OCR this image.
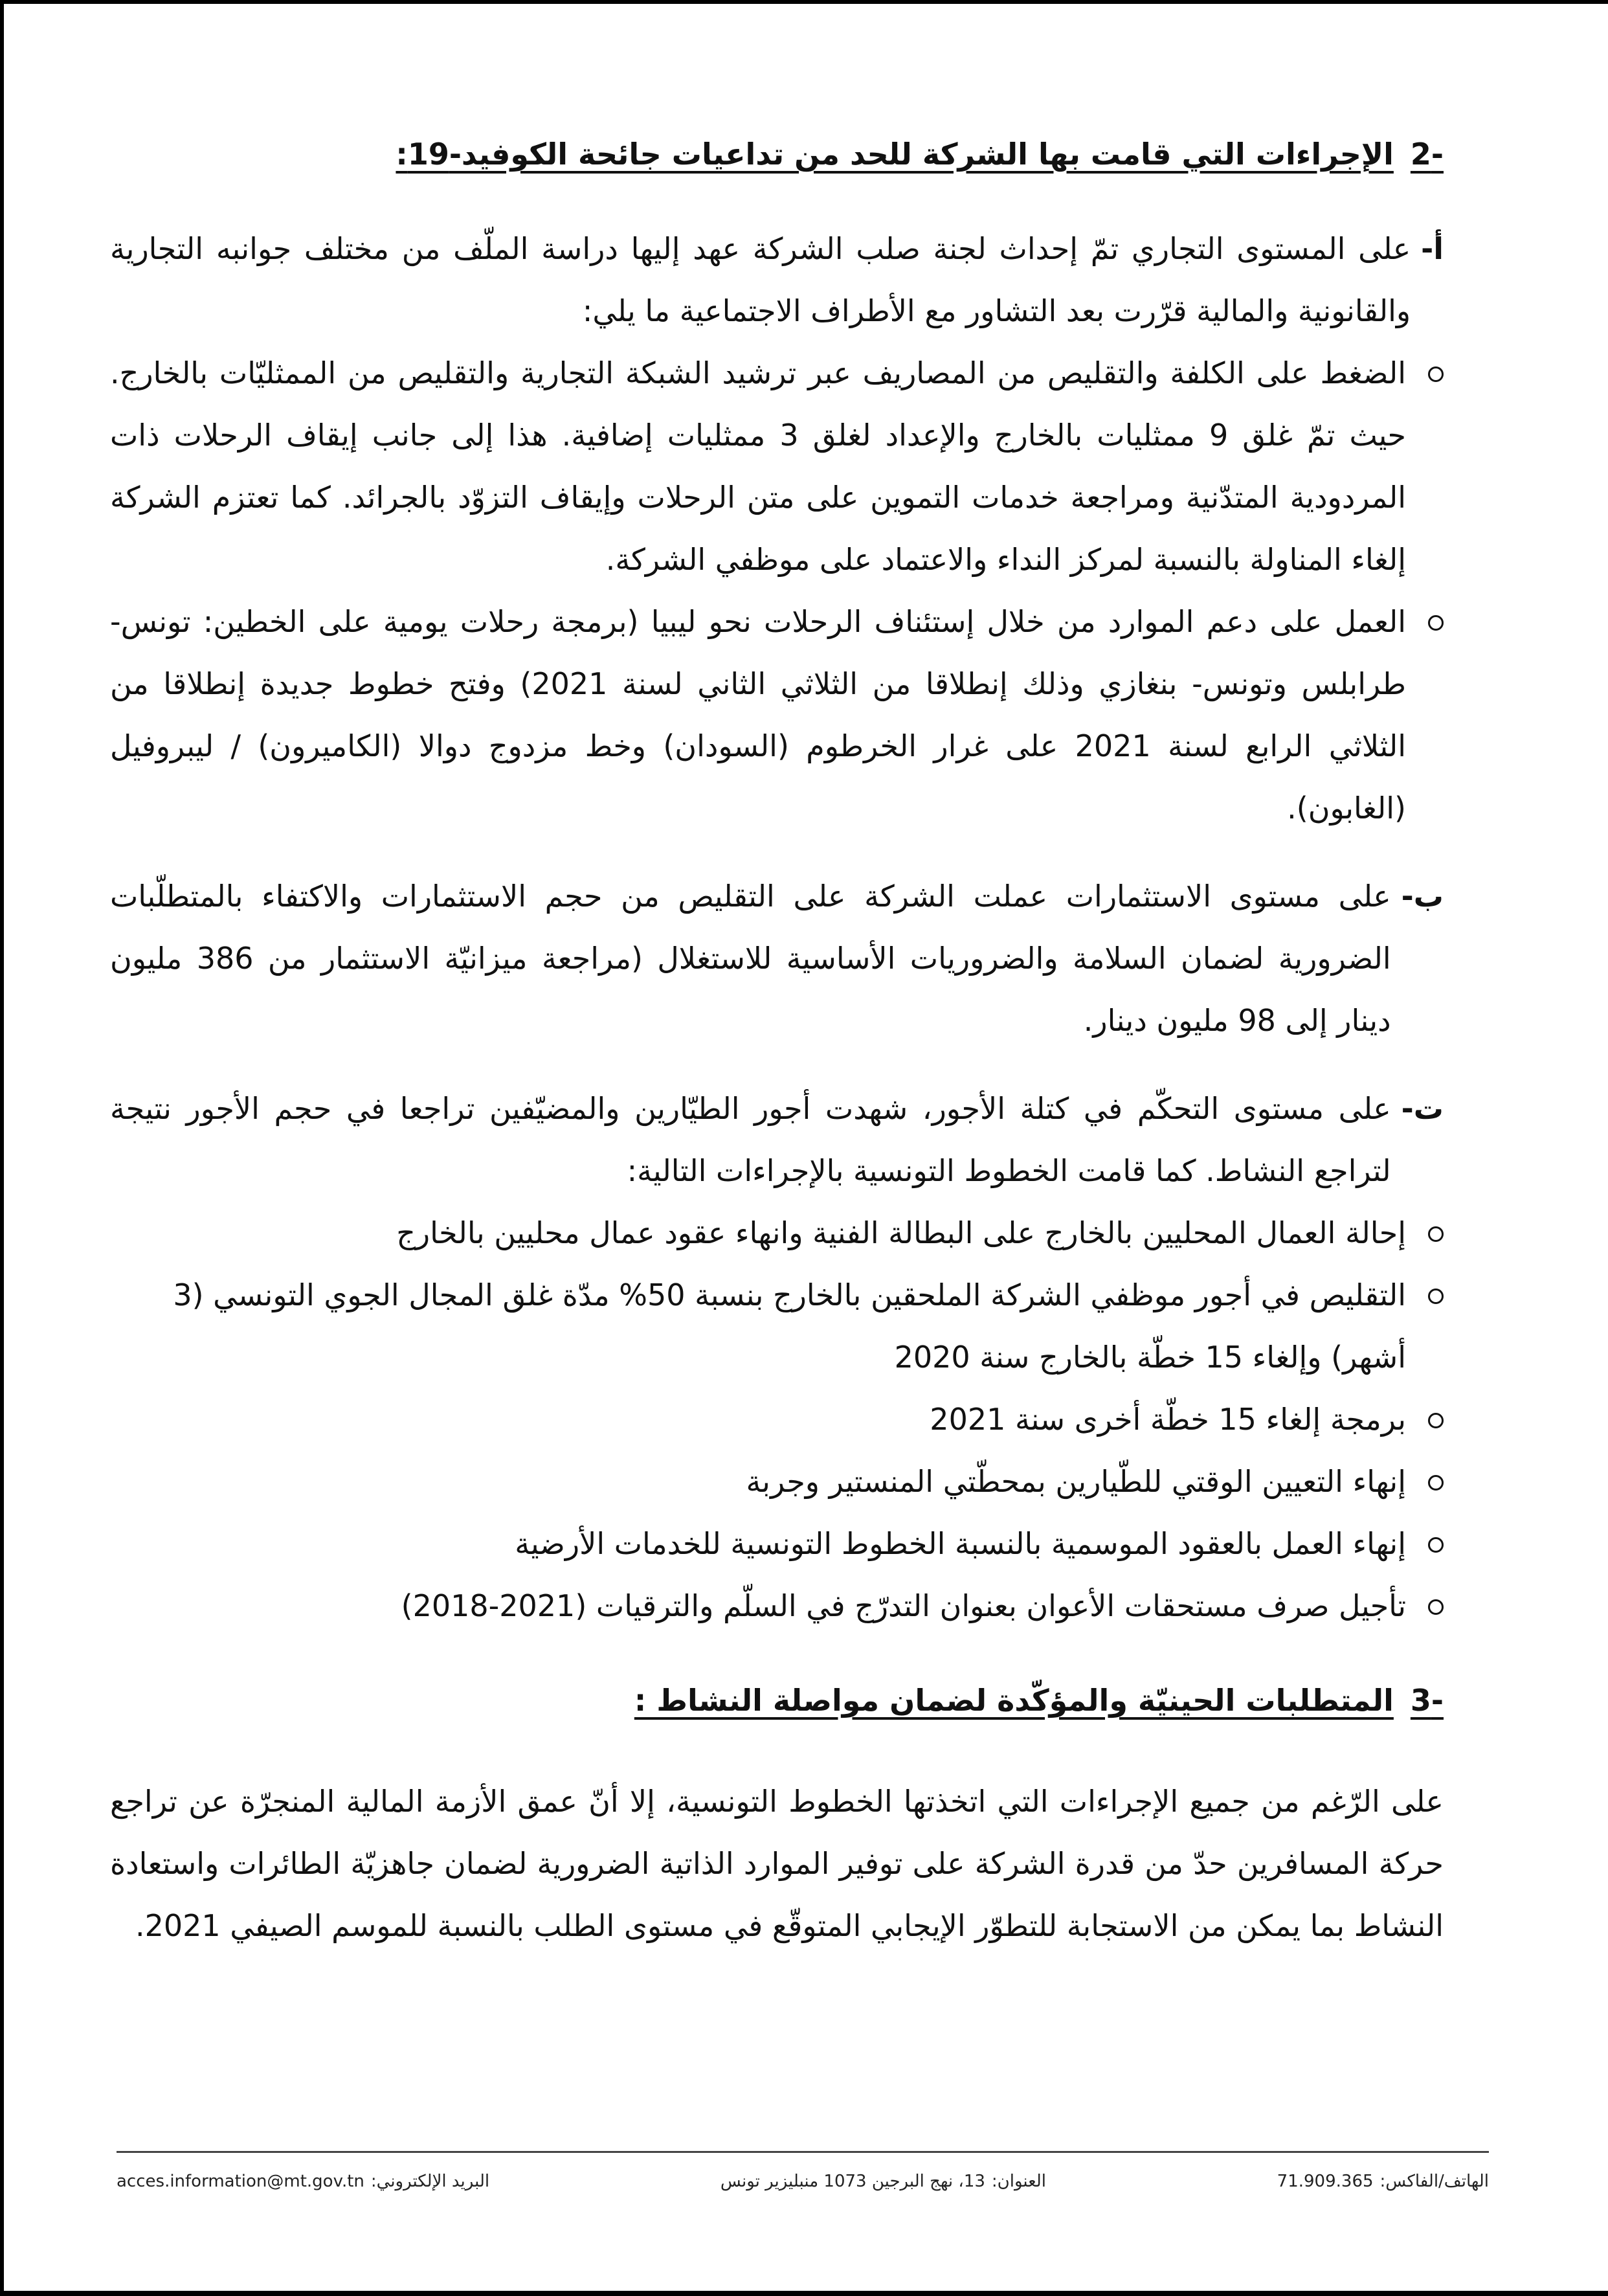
-2الإجراءات التي قامت بها الشركة للحد من تداعيات جائحة الكوفيد-19:
أ-
على المستوى التجاري تمّ إحداث لجنة صلب الشركة عهد إليها دراسة الملّف من مختلف جوانبه التجارية والقانونية والمالية قرّرت بعد التشاور مع الأطراف الاجتماعية ما يلي:
الضغط على الكلفة والتقليص من المصاريف عبر ترشيد الشبكة التجارية والتقليص من الممثليّات بالخارج. حيث تمّ غلق 9 ممثليات بالخارج والإعداد لغلق 3 ممثليات إضافية. هذا إلى جانب إيقاف الرحلات ذات المردودية المتدّنية ومراجعة خدمات التموين على متن الرحلات وإيقاف التزوّد بالجرائد. كما تعتزم الشركة إلغاء المناولة بالنسبة لمركز النداء والاعتماد على موظفي الشركة.
العمل على دعم الموارد من خلال إستئناف الرحلات نحو ليبيا (برمجة رحلات يومية على الخطين: تونس-طرابلس وتونس- بنغازي وذلك إنطلاقا من الثلاثي الثاني لسنة 2021) وفتح خطوط جديدة إنطلاقا من الثلاثي الرابع لسنة 2021 على غرار الخرطوم (السودان) وخط مزدوج دوالا (الكاميرون) / ليبروفيل (الغابون).
ب-
على مستوى الاستثمارات عملت الشركة على التقليص من حجم الاستثمارات والاكتفاء بالمتطلّبات الضرورية لضمان السلامة والضروريات الأساسية للاستغلال (مراجعة ميزانيّة الاستثمار من 386 مليون دينار إلى 98 مليون دينار.
ت-
على مستوى التحكّم في كتلة الأجور، شهدت أجور الطيّارين والمضيّفين تراجعا في حجم الأجور نتيجة لتراجع النشاط. كما قامت الخطوط التونسية بالإجراءات التالية:
إحالة العمال المحليين بالخارج على البطالة الفنية وانهاء عقود عمال محليين بالخارج
التقليص في أجور موظفي الشركة الملحقين بالخارج بنسبة 50% مدّة غلق المجال الجوي التونسي (3 أشهر) وإلغاء 15 خطّة بالخارج سنة 2020
برمجة إلغاء 15 خطّة أخرى سنة 2021
إنهاء التعيين الوقتي للطّيارين بمحطّتي المنستير وجربة
إنهاء العمل بالعقود الموسمية بالنسبة الخطوط التونسية للخدمات الأرضية
تأجيل صرف مستحقات الأعوان بعنوان التدرّج في السلّم والترقيات (2021-2018)
-3المتطلبات الحينيّة والمؤكّدة لضمان مواصلة النشاط :

على الرّغم من جميع الإجراءات التي اتخذتها الخطوط التونسية، إلا أنّ عمق الأزمة المالية المنجرّة عن تراجع حركة المسافرين حدّ من قدرة الشركة على توفير الموارد الذاتية الضرورية لضمان جاهزيّة الطائرات واستعادة النشاط بما يمكن من الاستجابة للتطوّر الإيجابي المتوقّع في مستوى الطلب بالنسبة للموسم الصيفي 2021.

الهاتف/الفاكس:
71.909.365
العنوان:
13، نهج البرجين 1073 منبليزير تونس
البريد الإلكتروني:
acces.information@mt.gov.tn
